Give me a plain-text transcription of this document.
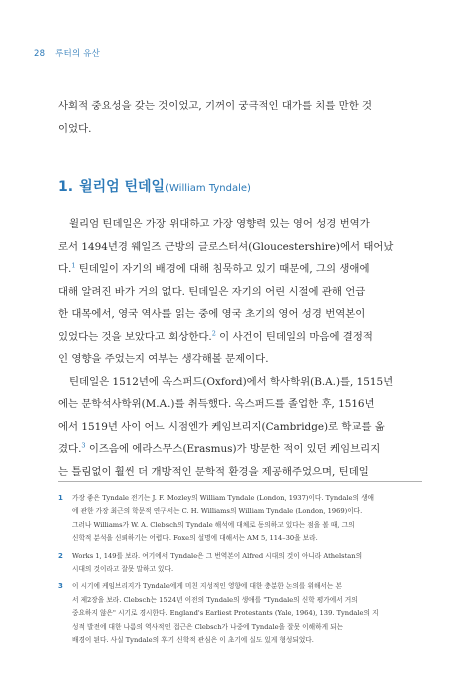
28 루터의 유산

사회적 중요성을 갖는 것이었고, 기꺼이 궁극적인 대가를 치를 만한 것
이었다.

1. 윌리엄 틴데일(William Tyndale)

윌리엄 틴데일은 가장 위대하고 가장 영향력 있는 영어 성경 번역가
로서 1494년경 웨일즈 근방의 글로스터셔(Gloucestershire)에서 태어났
다.$^1$ 틴데일이 자기의 배경에 대해 침묵하고 있기 때문에, 그의 생애에
대해 알려진 바가 거의 없다. 틴데일은 자기의 어린 시절에 관해 언급
한 대목에서, 영국 역사를 읽는 중에 영국 초기의 영어 성경 번역본이
있었다는 것을 보았다고 회상한다.$^2$ 이 사건이 틴데일의 마음에 결정적
인 영향을 주었는지 여부는 생각해볼 문제이다.
틴데일은 1512년에 옥스퍼드(Oxford)에서 학사학위(B.A.)를, 1515년
에는 문학석사학위(M.A.)를 취득했다. 옥스퍼드를 졸업한 후, 1516년
에서 1519년 사이 어느 시점엔가 케임브리지(Cambridge)로 학교를 옮
겼다.$^3$ 이즈음에 에라스무스(Erasmus)가 방문한 적이 있던 케임브리지
는 틀림없이 훨씬 더 개방적인 문학적 환경을 제공해주었으며, 틴데일

1 가장 좋은 Tyndale 전기는 J. F. Mozley의 William Tyndale (London, 1937)이다. Tyndale의 생애
에 관한 가장 최근의 학문적 연구서는 C. H. Williams의 William Tyndale (London, 1969)이다.
그러나 Williams가 W. A. Clebsch의 Tyndale 해석에 대체로 동의하고 있다는 점을 볼 때, 그의
신학적 분석을 신뢰하기는 어렵다. Foxe의 설명에 대해서는 AM 5, 114–30을 보라.
2 Works 1, 149를 보라. 여기에서 Tyndale은 그 번역본이 Alfred 시대의 것이 아니라 Athelstan의
시대의 것이라고 잘못 말하고 있다.
3 이 시기에 케임브리지가 Tyndale에게 미친 지성적인 영향에 대한 충분한 논의를 위해서는 본
서 제2장을 보라. Clebsch는 1524년 이전의 Tyndale의 생애를 "Tyndale의 신학 평가에서 거의
중요하지 않은" 시기로 경시한다. England's Earliest Protestants (Yale, 1964), 139. Tyndale의 지
성적 발전에 대한 나름의 역사적인 접근은 Clebsch가 나중에 Tyndale을 잘못 이해하게 되는
배경이 된다. 사실 Tyndale의 후기 신학적 관심은 이 초기에 실도 있게 형성되었다.
